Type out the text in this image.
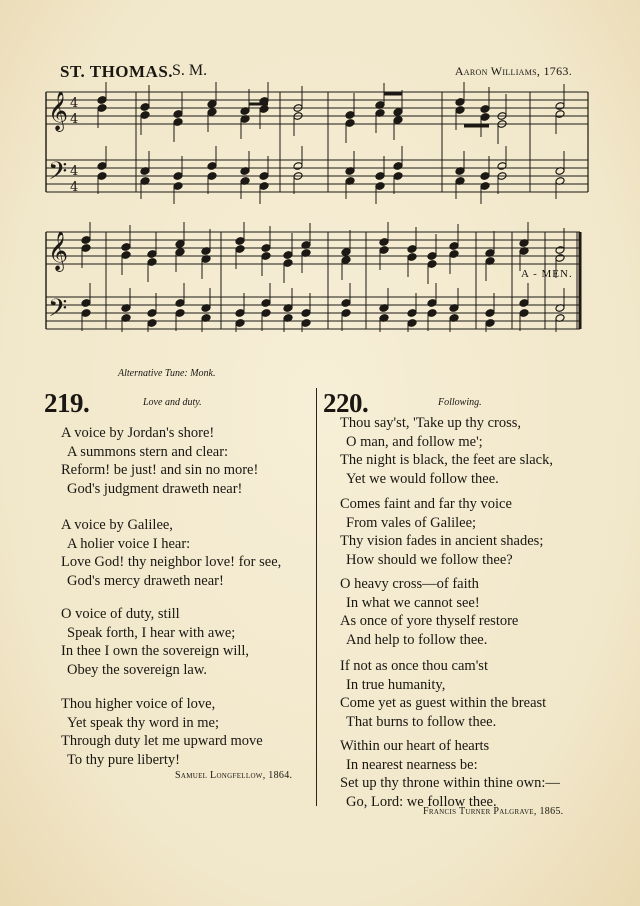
ST. THOMAS.
S. M.	Aaron Williams, 1763.
𝄞
𝄢
4
4
4
4
𝄞
𝄢
A - MEN.
Alternative Tune: Monk.
219.	Love and duty.
A voice by Jordan's shore!
A summons stern and clear:
Reform! be just! and sin no more!
God's judgment draweth near!
A voice by Galilee,
A holier voice I hear:
Love God! thy neighbor love! for see,
God's mercy draweth near!
O voice of duty, still
Speak forth, I hear with awe;
In thee I own the sovereign will,
Obey the sovereign law.
Thou higher voice of love,
Yet speak thy word in me;
Through duty let me upward move
To thy pure liberty!
Samuel Longfellow, 1864.
220.	Following.
Thou say'st, 'Take up thy cross,
O man, and follow me';
The night is black, the feet are slack,
Yet we would follow thee.
Comes faint and far thy voice
From vales of Galilee;
Thy vision fades in ancient shades;
How should we follow thee?
O heavy cross—of faith
In what we cannot see!
As once of yore thyself restore
And help to follow thee.
If not as once thou cam'st
In true humanity,
Come yet as guest within the breast
That burns to follow thee.
Within our heart of hearts
In nearest nearness be:
Set up thy throne within thine own:—
Go, Lord: we follow thee.
Francis Turner Palgrave, 1865.
